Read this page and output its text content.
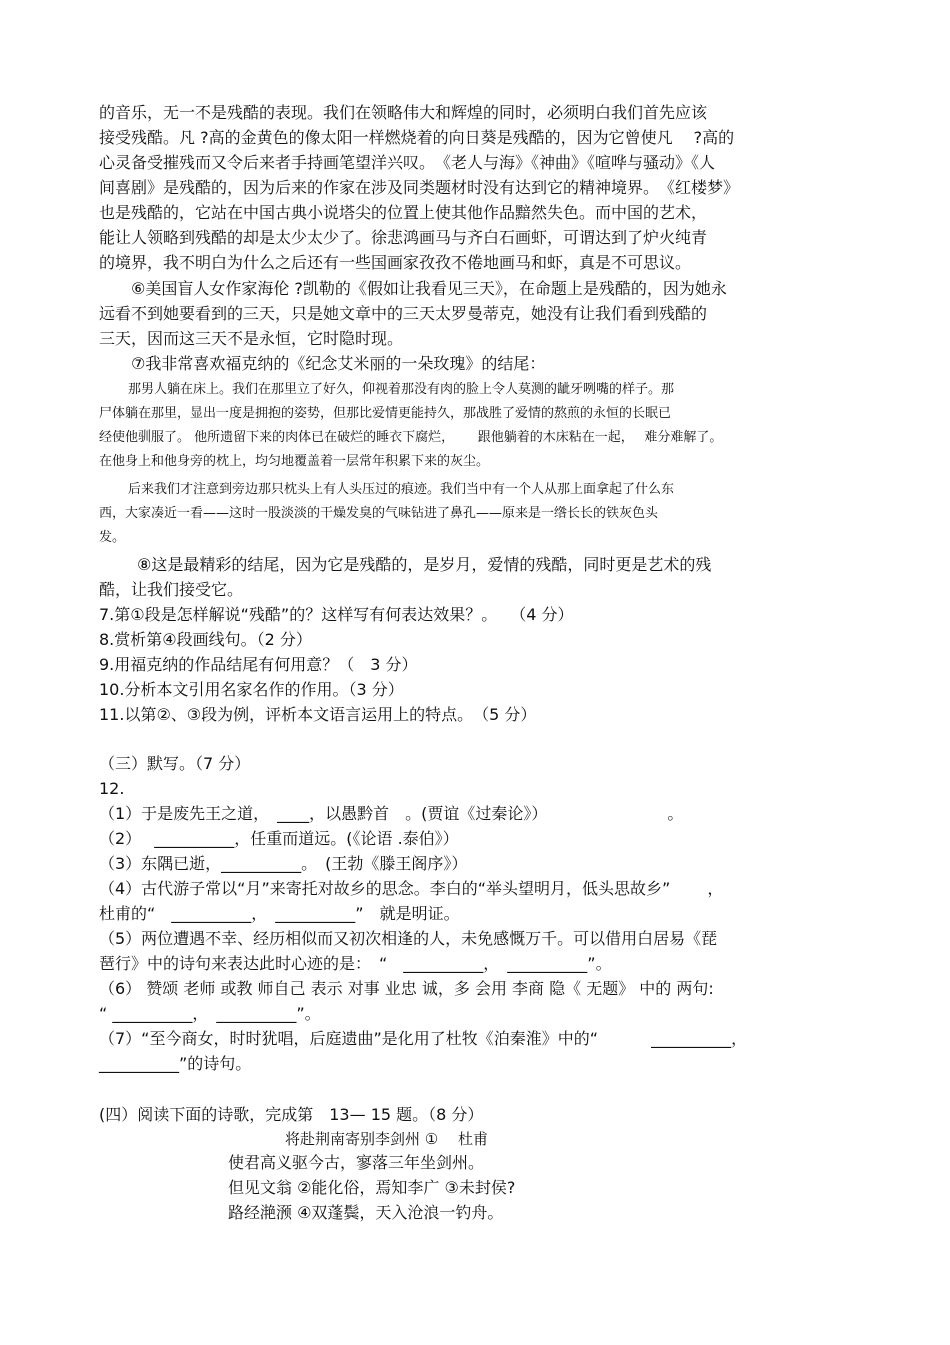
的音乐，无一不是残酷的表现。我们在领略伟大和辉煌的同时，必须明白我们首先应该
接受残酷。凡 ?高的金黄色的像太阳一样燃烧着的向日葵是残酷的，因为它曾使凡 　?高的
心灵备受摧残而又令后来者手持画笔望洋兴叹。　《老人与海》《神曲》《喧哗与骚动》《人
间喜剧》是残酷的，因为后来的作家在涉及同类题材时没有达到它的精神境界。　《红楼梦》
也是残酷的，它站在中国古典小说塔尖的位置上使其他作品黯然失色。而中国的艺术，
能让人领略到残酷的却是太少太少了。徐悲鸿画马与齐白石画虾，可谓达到了炉火纯青
的境界，我不明白为什么之后还有一些国画家孜孜不倦地画马和虾，真是不可思议。
⑥美国盲人女作家海伦 ?凯勒的《假如让我看见三天》，在命题上是残酷的，因为她永
远看不到她要看到的三天，只是她文章中的三天太罗曼蒂克，她没有让我们看到残酷的
三天，因而这三天不是永恒，它时隐时现。
⑦我非常喜欢福克纳的《纪念艾米丽的一朵玫瑰》的结尾：
那男人躺在床上。我们在那里立了好久，仰视着那没有肉的脸上令人莫测的龇牙咧嘴的样子。那
尸体躺在那里，显出一度是拥抱的姿势，但那比爱情更能持久，那战胜了爱情的熬煎的永恒的长眠已
经使他驯服了。 他所遗留下来的肉体已在破烂的睡衣下腐烂，　　 跟他躺着的木床粘在一起，　 难分难解了。
在他身上和他身旁的枕上，均匀地覆盖着一层常年积累下来的灰尘。
后来我们才注意到旁边那只枕头上有人头压过的痕迹。我们当中有一个人从那上面拿起了什么东
西，大家凑近一看——这时一股淡淡的干燥发臭的气味钻进了鼻孔——原来是一绺长长的铁灰色头
发。
⑧这是最精彩的结尾，因为它是残酷的，是岁月，爱情的残酷，同时更是艺术的残
酷，让我们接受它。
7.第①段是怎样解说“残酷”的？这样写有何表达效果？。　 （4 分）
8.赏析第④段画线句。（2 分）
9.用福克纳的作品结尾有何用意？（　3 分）
10.分析本文引用名家名作的作用。（3 分）
11.以第②、③段为例，评析本文语言运用上的特点。　（5 分）
（三）默写。（7 分）
12.
（1）于是废先王之道，　____，以愚黔首　。(贾谊《过秦论》）　　　　　　　　。
（2）　 __________，任重而道远。(《论语 .泰伯》）
（3）东隅已逝，__________。　(王勃《滕王阁序》）
（4）古代游子常以“月”来寄托对故乡的思念。李白的“举头望明月，低头思故乡”　　 ，
杜甫的“　__________，　__________”　就是明证。
（5）两位遭遇不幸、经历相似而又初次相逢的人，未免感慨万千。可以借用白居易《琵
琶行》中的诗句来表达此时心迹的是：　“　__________，　__________”。
（6） 赞颂 老师 或教 师自己 表示 对事 业忠 诚，多 会用 李商 隐《 无题》 中的 两句:
“ __________，　__________”。
（7）“至今商女，时时犹唱，后庭遗曲”是化用了杜牧《泊秦淮》中的“　　　 __________，
__________”的诗句。
(四）阅读下面的诗歌，完成第　13— 15 题。（8 分）
将赴荆南寄别李剑州 ①　 杜甫
使君高义驱今古，寥落三年坐剑州。
但见文翁 ②能化俗，焉知李广 ③未封侯?
路经滟滪 ④双蓬鬓，天入沧浪一钓舟。
